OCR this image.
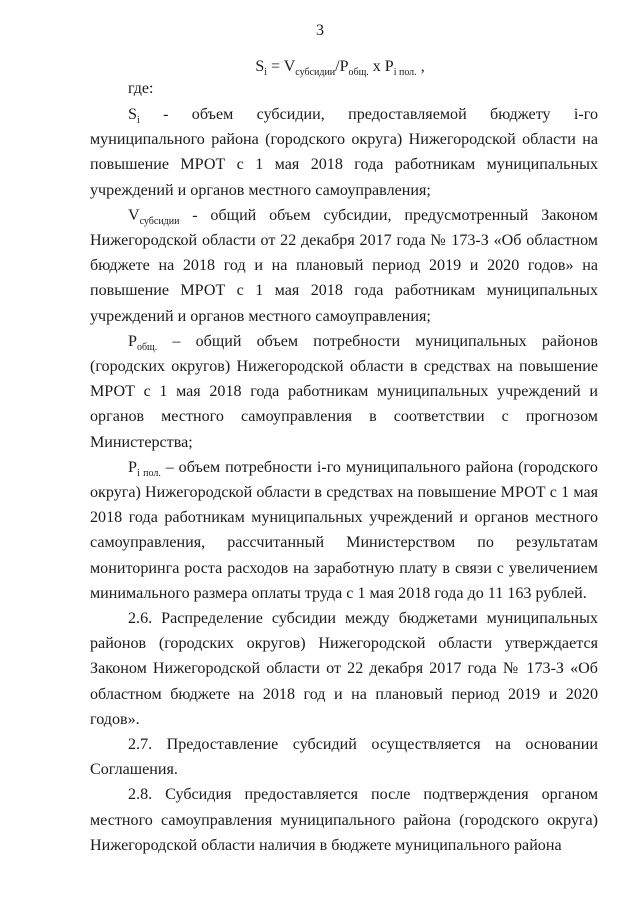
3
$S_i = V_{субсидии}/P_{общ.}$ x $P_{i пол.}$ ,
где:

$S_i$ - объем субсидии, предоставляемой бюджету i-го муниципального района (городского округа) Нижегородской области на повышение МРОТ с 1 мая 2018 года работникам муниципальных учреждений и органов местного самоуправления;

$V_{субсидии}$ - общий объем субсидии, предусмотренный Законом Нижегородской области от 22 декабря 2017 года № 173-З «Об областном бюджете на 2018 год и на плановый период 2019 и 2020 годов» на повышение МРОТ с 1 мая 2018 года работникам муниципальных учреждений и органов местного самоуправления;

$P_{общ.}$ – общий объем потребности муниципальных районов (городских округов) Нижегородской области в средствах на повышение МРОТ с 1 мая 2018 года работникам муниципальных учреждений и органов местного самоуправления в соответствии с прогнозом Министерства;

$P_{i пол.}$ – объем потребности i-го муниципального района (городского округа) Нижегородской области в средствах на повышение МРОТ с 1 мая 2018 года работникам муниципальных учреждений и органов местного самоуправления, рассчитанный Министерством по результатам мониторинга роста расходов на заработную плату в связи с увеличением минимального размера оплаты труда с 1 мая 2018 года до 11 163 рублей.

2.6. Распределение субсидии между бюджетами муниципальных районов (городских округов) Нижегородской области утверждается Законом Нижегородской области от 22 декабря 2017 года № 173-З «Об областном бюджете на 2018 год и на плановый период 2019 и 2020 годов».

2.7. Предоставление субсидий осуществляется на основании Соглашения.

2.8. Субсидия предоставляется после подтверждения органом местного самоуправления муниципального района (городского округа) Нижегородской области наличия в бюджете муниципального района
